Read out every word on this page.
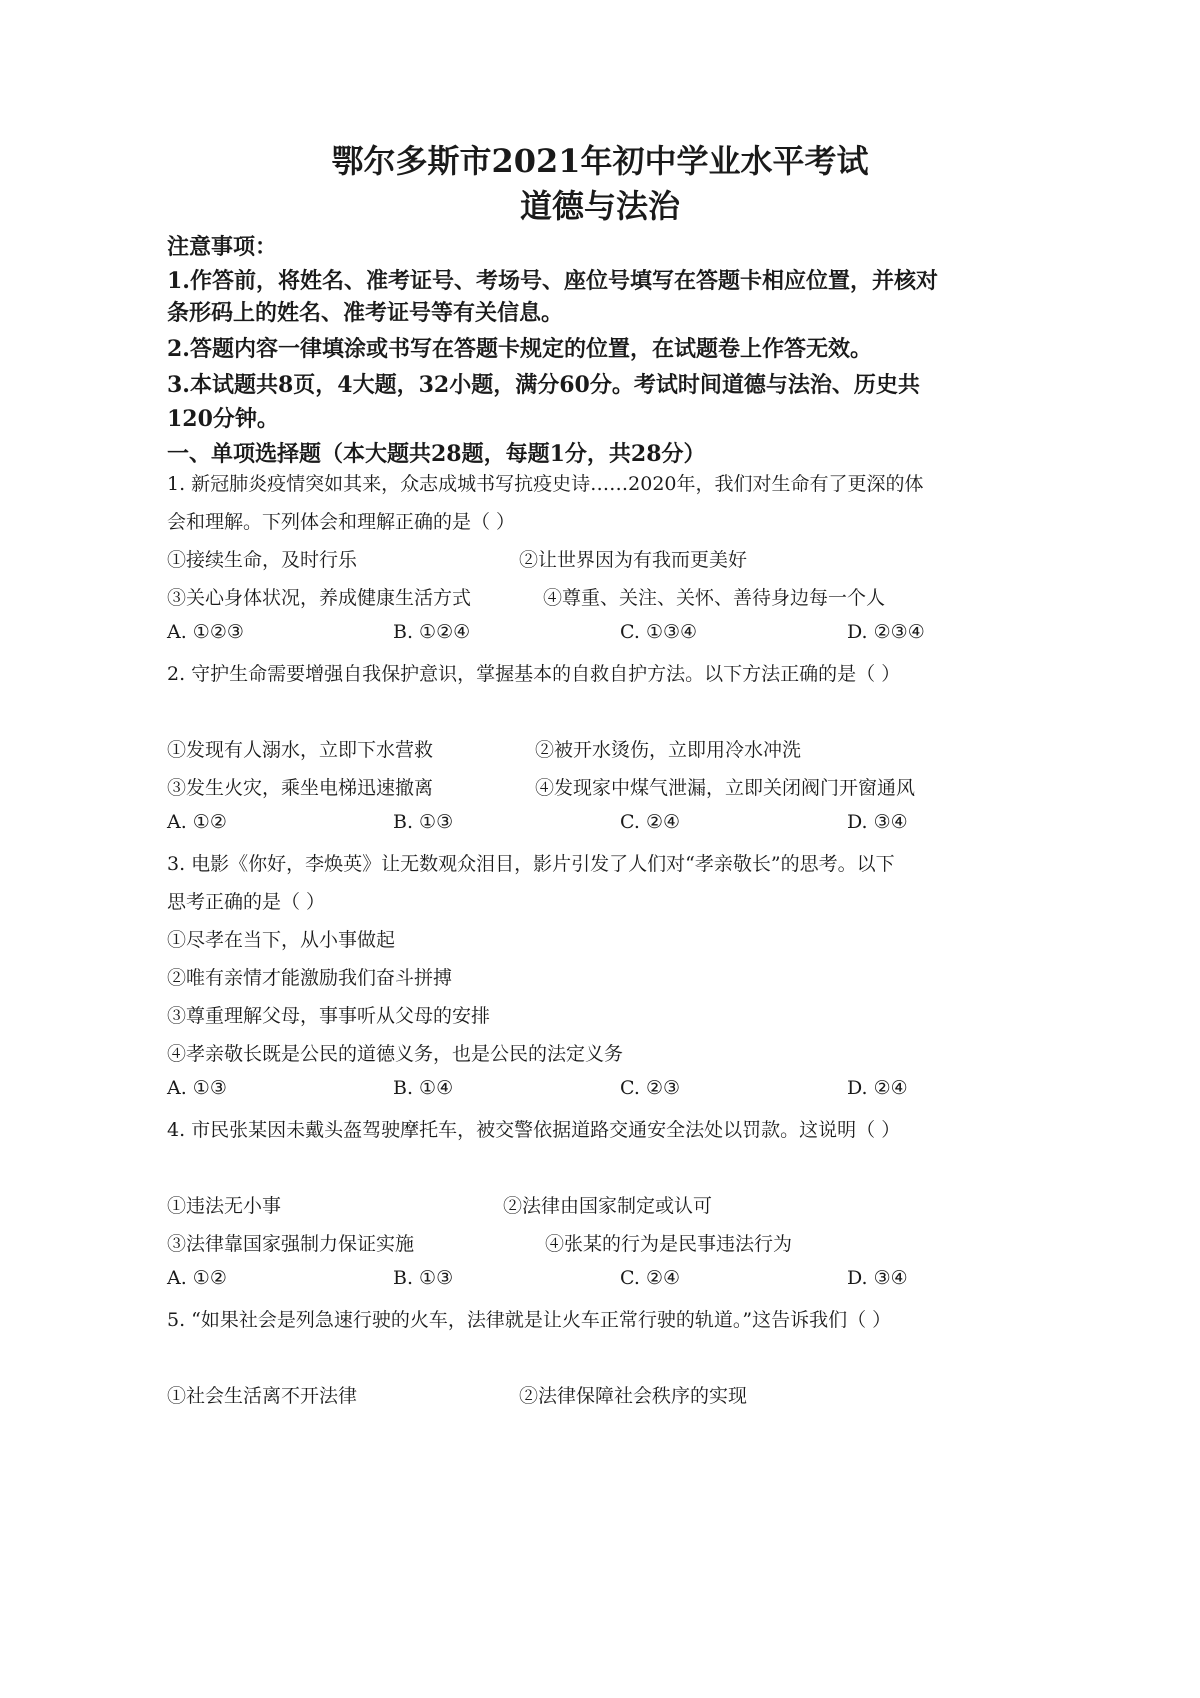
鄂尔多斯市2021年初中学业水平考试
道德与法治
注意事项：
1.作答前，将姓名、准考证号、考场号、座位号填写在答题卡相应位置，并核对
条形码上的姓名、准考证号等有关信息。
2.答题内容一律填涂或书写在答题卡规定的位置，在试题卷上作答无效。
3.本试题共8页，4大题，32小题，满分60分。考试时间道德与法治、历史共
120分钟。
一、单项选择题（本大题共28题，每题1分，共28分）
1. 新冠肺炎疫情突如其来，众志成城书写抗疫史诗……2020年，我们对生命有了更深的体
会和理解。下列体会和理解正确的是（ ）
①接续生命，及时行乐	②让世界因为有我而更美好
③关心身体状况，养成健康生活方式	④尊重、关注、关怀、善待身边每一个人
A. ①②③	B. ①②④	C. ①③④	D. ②③④
2. 守护生命需要增强自我保护意识，掌握基本的自救自护方法。以下方法正确的是（ ）
①发现有人溺水，立即下水营救	②被开水烫伤，立即用冷水冲洗
③发生火灾，乘坐电梯迅速撤离	④发现家中煤气泄漏，立即关闭阀门开窗通风
A. ①②	B. ①③	C. ②④	D. ③④
3. 电影《你好，李焕英》让无数观众泪目，影片引发了人们对“孝亲敬长”的思考。以下
思考正确的是（ ）
①尽孝在当下，从小事做起
②唯有亲情才能激励我们奋斗拼搏
③尊重理解父母，事事听从父母的安排
④孝亲敬长既是公民的道德义务，也是公民的法定义务
A. ①③	B. ①④	C. ②③	D. ②④
4. 市民张某因未戴头盔驾驶摩托车，被交警依据道路交通安全法处以罚款。这说明（ ）
①违法无小事	②法律由国家制定或认可
③法律靠国家强制力保证实施	④张某的行为是民事违法行为
A. ①②	B. ①③	C. ②④	D. ③④
5. “如果社会是列急速行驶的火车，法律就是让火车正常行驶的轨道。”这告诉我们（ ）
①社会生活离不开法律	②法律保障社会秩序的实现
